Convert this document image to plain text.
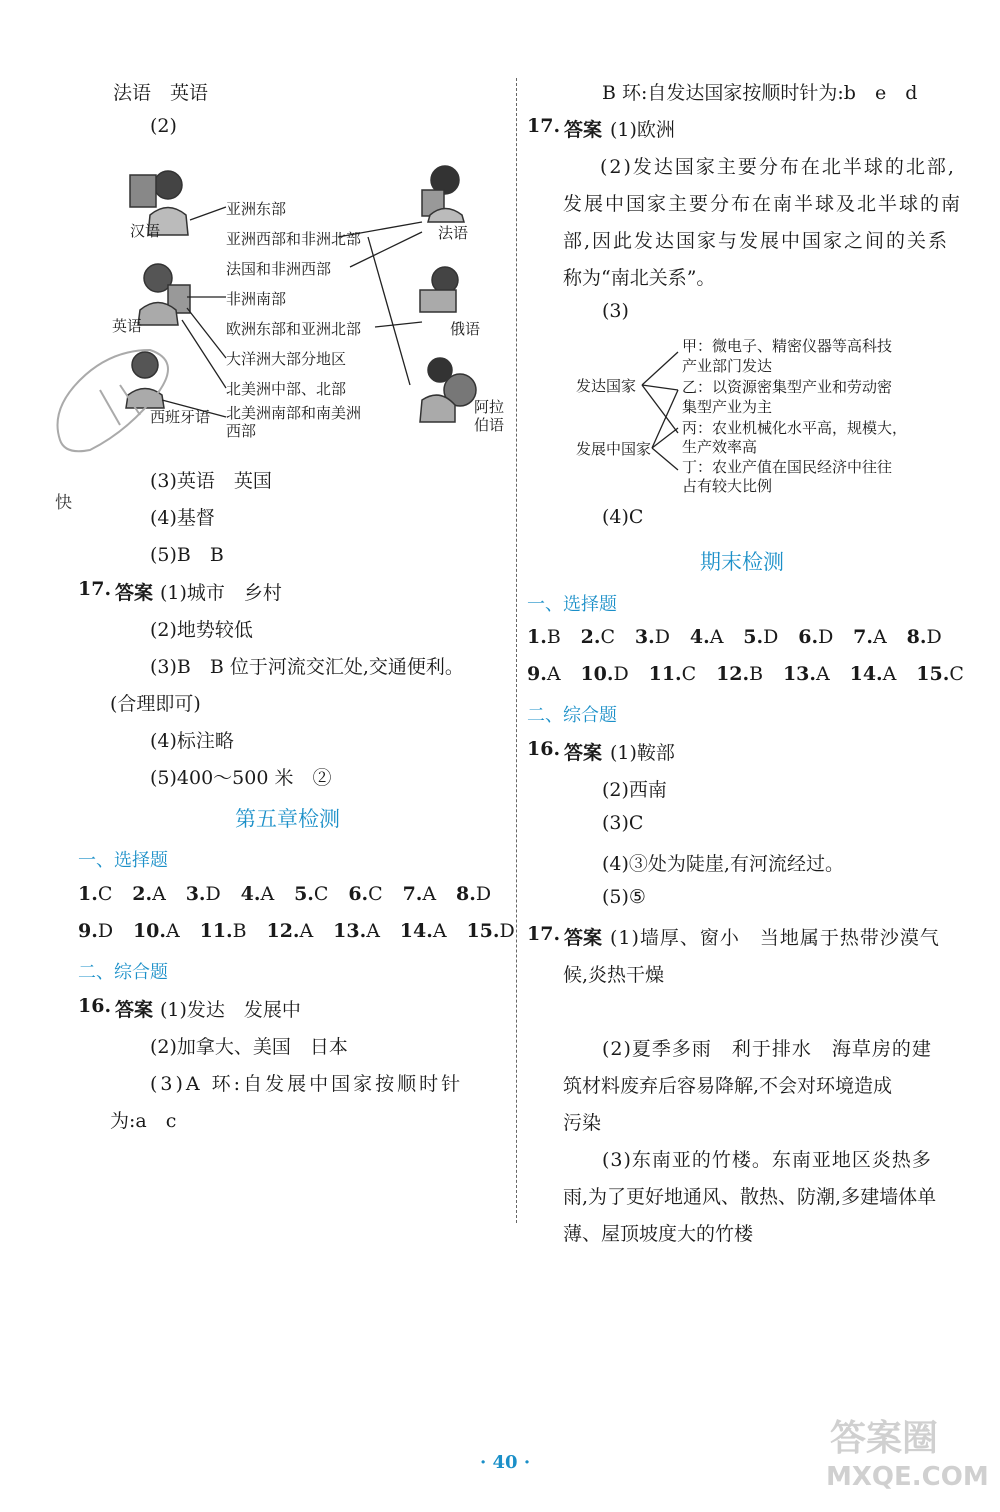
法语　英语
(2)
亚洲东部
亚洲西部和非洲北部
法国和非洲西部
非洲南部
欧洲东部和亚洲北部
大洋洲大部分地区
北美洲中部、北部
北美洲南部和南美洲
西部
汉语
英语
西班牙语
法语
俄语
阿拉
伯语
快
(3)英语　英国
(4)基督
(5)B　B
17. 答案 (1)城市　乡村
(2)地势较低
(3)B　B 位于河流交汇处,交通便利。
(合理即可)
(4)标注略
(5)400～500 米　②
第五章检测
一、选择题
1.C 2.A 3.D 4.A 5.C 6.C 7.A 8.D
9.D 10.A 11.B 12.A 13.A 14.A 15.D
二、综合题
16. 答案 (1)发达　发展中
(2)加拿大、美国　日本
(3)A 环:自发展中国家按顺时针
为:a　c
B 环:自发达国家按顺时针为:b　e　d
17. 答案 (1)欧洲
(2)发达国家主要分布在北半球的北部,
发展中国家主要分布在南半球及北半球的南
部,因此发达国家与发展中国家之间的关系
称为“南北关系”。
(3)
发达国家
发展中国家
甲：微电子、精密仪器等高科技
产业部门发达
乙：以资源密集型产业和劳动密
集型产业为主
丙：农业机械化水平高，规模大，
生产效率高
丁：农业产值在国民经济中往往
占有较大比例
(4)C
期末检测
一、选择题
1.B 2.C 3.D 4.A 5.D 6.D 7.A 8.D
9.A 10.D 11.C 12.B 13.A 14.A 15.C
二、综合题
16. 答案 (1)鞍部
(2)西南
(3)C
(4)③处为陡崖,有河流经过。
(5)⑤
17. 答案 (1)墙厚、窗小　当地属于热带沙漠气
候,炎热干燥
(2)夏季多雨　利于排水　海草房的建
筑材料废弃后容易降解,不会对环境造成
污染
(3)东南亚的竹楼。东南亚地区炎热多
雨,为了更好地通风、散热、防潮,多建墙体单
薄、屋顶坡度大的竹楼
· 40 ·
答案圈
MXQE.COM
